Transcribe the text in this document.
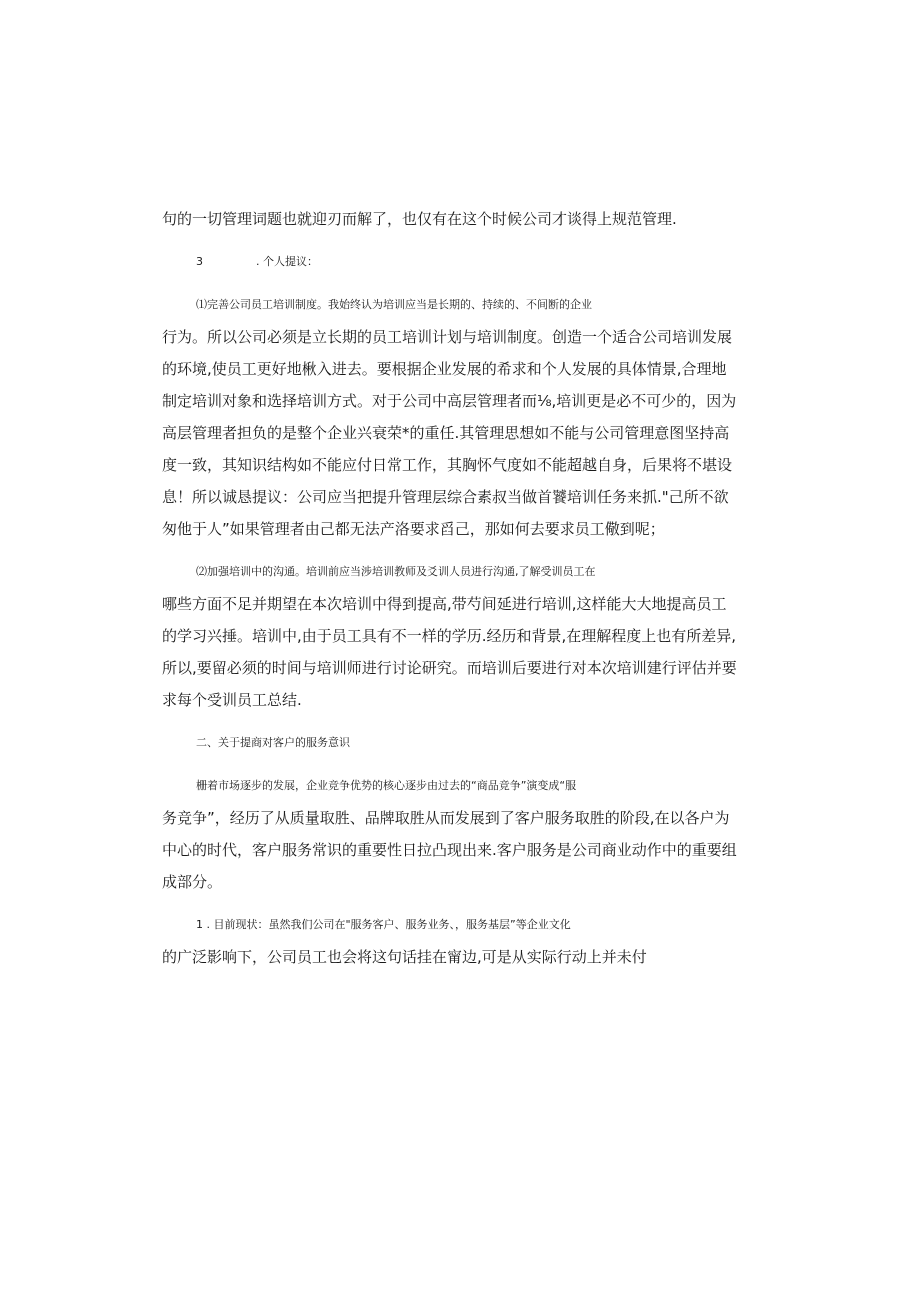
句的一切管理词题也就迎刃而解了，也仅有在这个时候公司才谈得上规范管理.

3	. 个人提议：

⑴完善公司员工培训制度。我始终认为培训应当是长期的、持续的、不间断的企业
行为。所以公司必须是立长期的员工培训计划与培训制度。创造一个适合公司培训发展
的环境,使员工更好地楸入进去。要根据企业发展的希求和个人发展的具体情景,合理地
制定培训对象和选择培训方式。对于公司中高层管理者而⅛,培训更是必不可少的，因为
高层管理者担负的是整个企业兴衰荣*的重任.其管理思想如不能与公司管理意图坚持高
度一致，其知识结构如不能应付日常工作，其胸怀气度如不能超越自身，后果将不堪设
息！所以诚恳提议：公司应当把提升管理层综合素叔当做首饕培训任务来抓."己所不欲
匆他于人”如果管理者由己都无法产洛要求舀己，那如何去要求员工儆到呢；

⑵加强培训中的沟通。培训前应当涉培训教师及爻训人员进行沟通,了解受训员工在
哪些方面不足并期望在本次培训中得到提高,带芍间延进行培训,这样能大大地提高员工
的学习兴捶。培训中,由于员工具有不一样的学历.经历和背景,在理解程度上也有所差异,
所以,要留必须的时间与培训师进行讨论研究。而培训后要进行对本次培训建行评估并要
求每个受训员工总结.

二、关于提商对客户的服务意识

栅着市场逐步的发展，企业竞争优势的核心逐步由过去的“商品竞争”演变成“服
务竞争”，经历了从质量取胜、品牌取胜从而发展到了客户服务取胜的阶段,在以各户为
中心的时代，客户服务常识的重要性日拉凸现出来.客户服务是公司商业动作中的重要组
成部分。

1 . 目前现状：虽然我们公司在"服务客户、服务业务、，服务基层”等企业文化
的广泛影响下，公司员工也会将这句话挂在甯边,可是从实际行动上并未付
